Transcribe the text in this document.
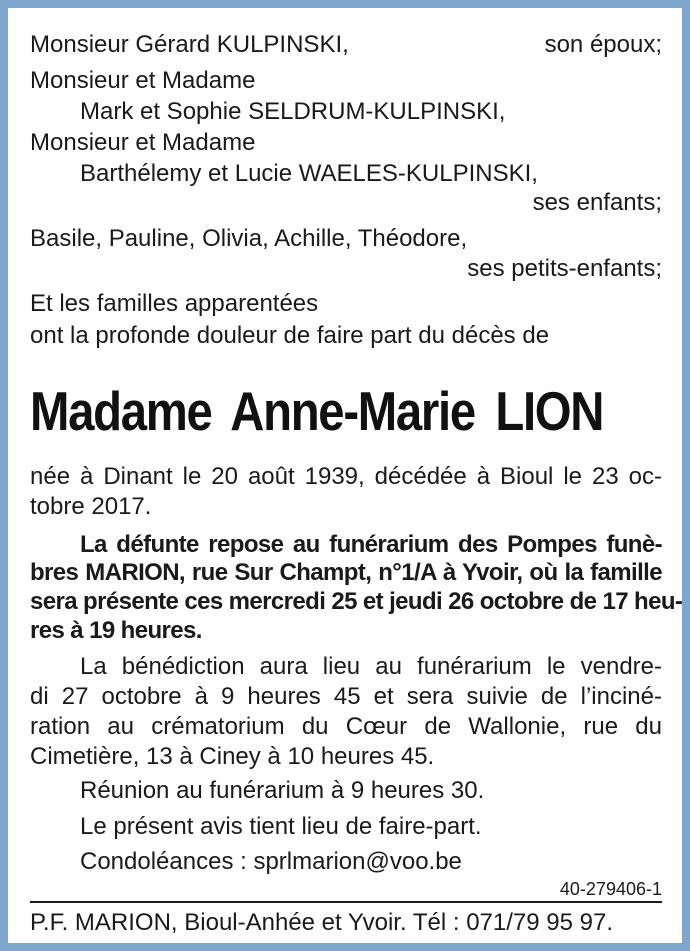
Monsieur Gérard KULPINSKI,	son époux;
Monsieur et Madame
Mark et Sophie SELDRUM-KULPINSKI,
Monsieur et Madame
Barthélemy et Lucie WAELES-KULPINSKI,
ses enfants;
Basile, Pauline, Olivia, Achille, Théodore,
ses petits-enfants;
Et les familles apparentées
ont la profonde douleur de faire part du décès de
Madame Anne-Marie LION
née à Dinant le 20 août 1939, décédée à Bioul le 23 oc-
tobre 2017.
La défunte repose au funérarium des Pompes funè-
bres MARION, rue Sur Champt, n°1/A à Yvoir, où la famille
sera présente ces mercredi 25 et jeudi 26 octobre de 17 heu-
res à 19 heures.
La bénédiction aura lieu au funérarium le vendre-
di 27 octobre à 9 heures 45 et sera suivie de l’inciné-
ration au crématorium du Cœur de Wallonie, rue du
Cimetière, 13 à Ciney à 10 heures 45.
Réunion au funérarium à 9 heures 30.
Le présent avis tient lieu de faire-part.
Condoléances : sprlmarion@voo.be
40-279406-1
P.F. MARION, Bioul-Anhée et Yvoir. Tél : 071/79 95 97.
